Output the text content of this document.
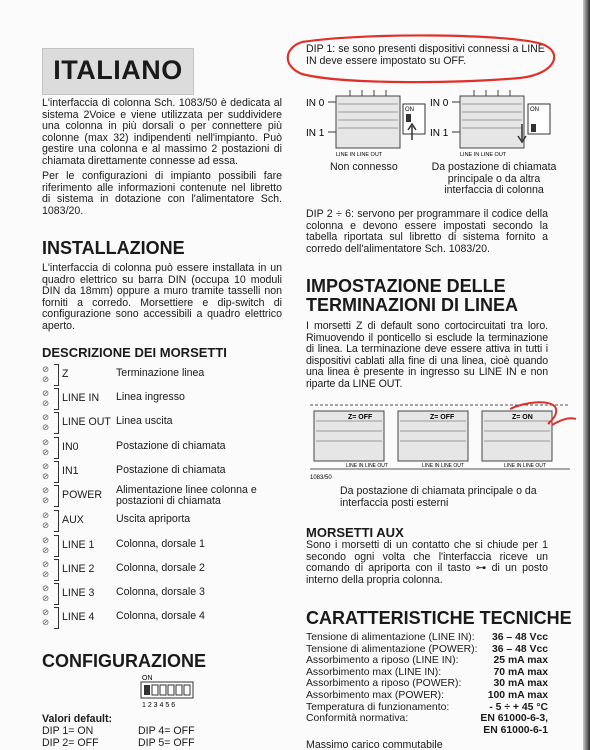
ITALIANO

L'interfaccia di colonna Sch. 1083/50 è dedicata al sistema 2Voice e viene utilizzata per suddividere una colonna in più dorsali o per connettere più colonne (max 32) indipendenti nell'impianto. Può gestire una colonna e al massimo 2 postazioni di chiamata direttamente connesse ad essa.

Per le configurazioni di impianto possibili fare riferimento alle informazioni contenute nel libretto di sistema in dotazione con l'alimentatore Sch. 1083/20.

INSTALLAZIONE

L'interfaccia di colonna può essere installata in un quadro elettrico su barra DIN (occupa 10 moduli DIN da 18mm) oppure a muro tramite tasselli non forniti a corredo. Morsettiere e dip-switch di configurazione sono accessibili a quadro elettrico aperto.

DESCRIZIONE DEI MORSETTI
⊘
⊘ Z	Terminazione linea
⊘
⊘ LINE IN Linea ingresso
⊘
⊘ LINE OUT Linea uscita
⊘
⊘ IN0	Postazione di chiamata
⊘
⊘ IN1	Postazione di chiamata
⊘
⊘ POWER Alimentazione linee colonna e postazioni di chiamata
⊘
⊘ AUX	Uscita apriporta
⊘
⊘ LINE 1 Colonna, dorsale 1
⊘
⊘ LINE 2 Colonna, dorsale 2
⊘
⊘ LINE 3 Colonna, dorsale 3
⊘
⊘ LINE 4 Colonna, dorsale 4
CONFIGURAZIONE
ON
1 2 3 4 5 6
Valori default:
DIP 1= ON	DIP 4= OFF
DIP 2= OFF	DIP 5= OFF
DIP 1: se sono presenti dispositivi connessi a LINE IN deve essere impostato su OFF.
IN 0
IN 1
LINE IN LINE OUT
ON
IN 0
IN 1
LINE IN LINE OUT
ON
Non connesso	Da postazione di chiamata principale o da altra interfaccia di colonna

DIP 2 ÷ 6: servono per programmare il codice della colonna e devono essere impostati secondo la tabella riportata sul libretto di sistema fornito a corredo dell'alimentatore Sch. 1083/20.

IMPOSTAZIONE DELLE
TERMINAZIONI DI LINEA

I morsetti Z di default sono cortocircuitati tra loro. Rimuovendo il ponticello si esclude la terminazione di linea. La terminazione deve essere attiva in tutti i dispositivi cablati alla fine di una linea, cioè quando una linea è presente in ingresso su LINE IN e non riparte da LINE OUT.

Z= OFF
LINE IN LINE OUT
1083/50
Z= OFF
LINE IN LINE OUT
Z= ON
LINE IN LINE OUT
Da postazione di chiamata principale o da interfaccia posti esterni
MORSETTI AUX

Sono i morsetti di un contatto che si chiude per 1 secondo ogni volta che l'interfaccia riceve un comando di apriporta con il tasto ⊶ di un posto interno della propria colonna.

CARATTERISTICHE TECNICHE
Tensione di alimentazione (LINE IN): 36 – 48 Vcc
Tensione di alimentazione (POWER): 36 – 48 Vcc
Assorbimento a riposo (LINE IN):	25 mA max
Assorbimento max (LINE IN):	70 mA max
Assorbimento a riposo (POWER):	30 mA max
Assorbimento max (POWER):	100 mA max
Temperatura di funzionamento:	- 5 ÷ + 45 °C
Conformità normativa:	EN 61000-6-3,
EN 61000-6-1
Massimo carico commutabile
